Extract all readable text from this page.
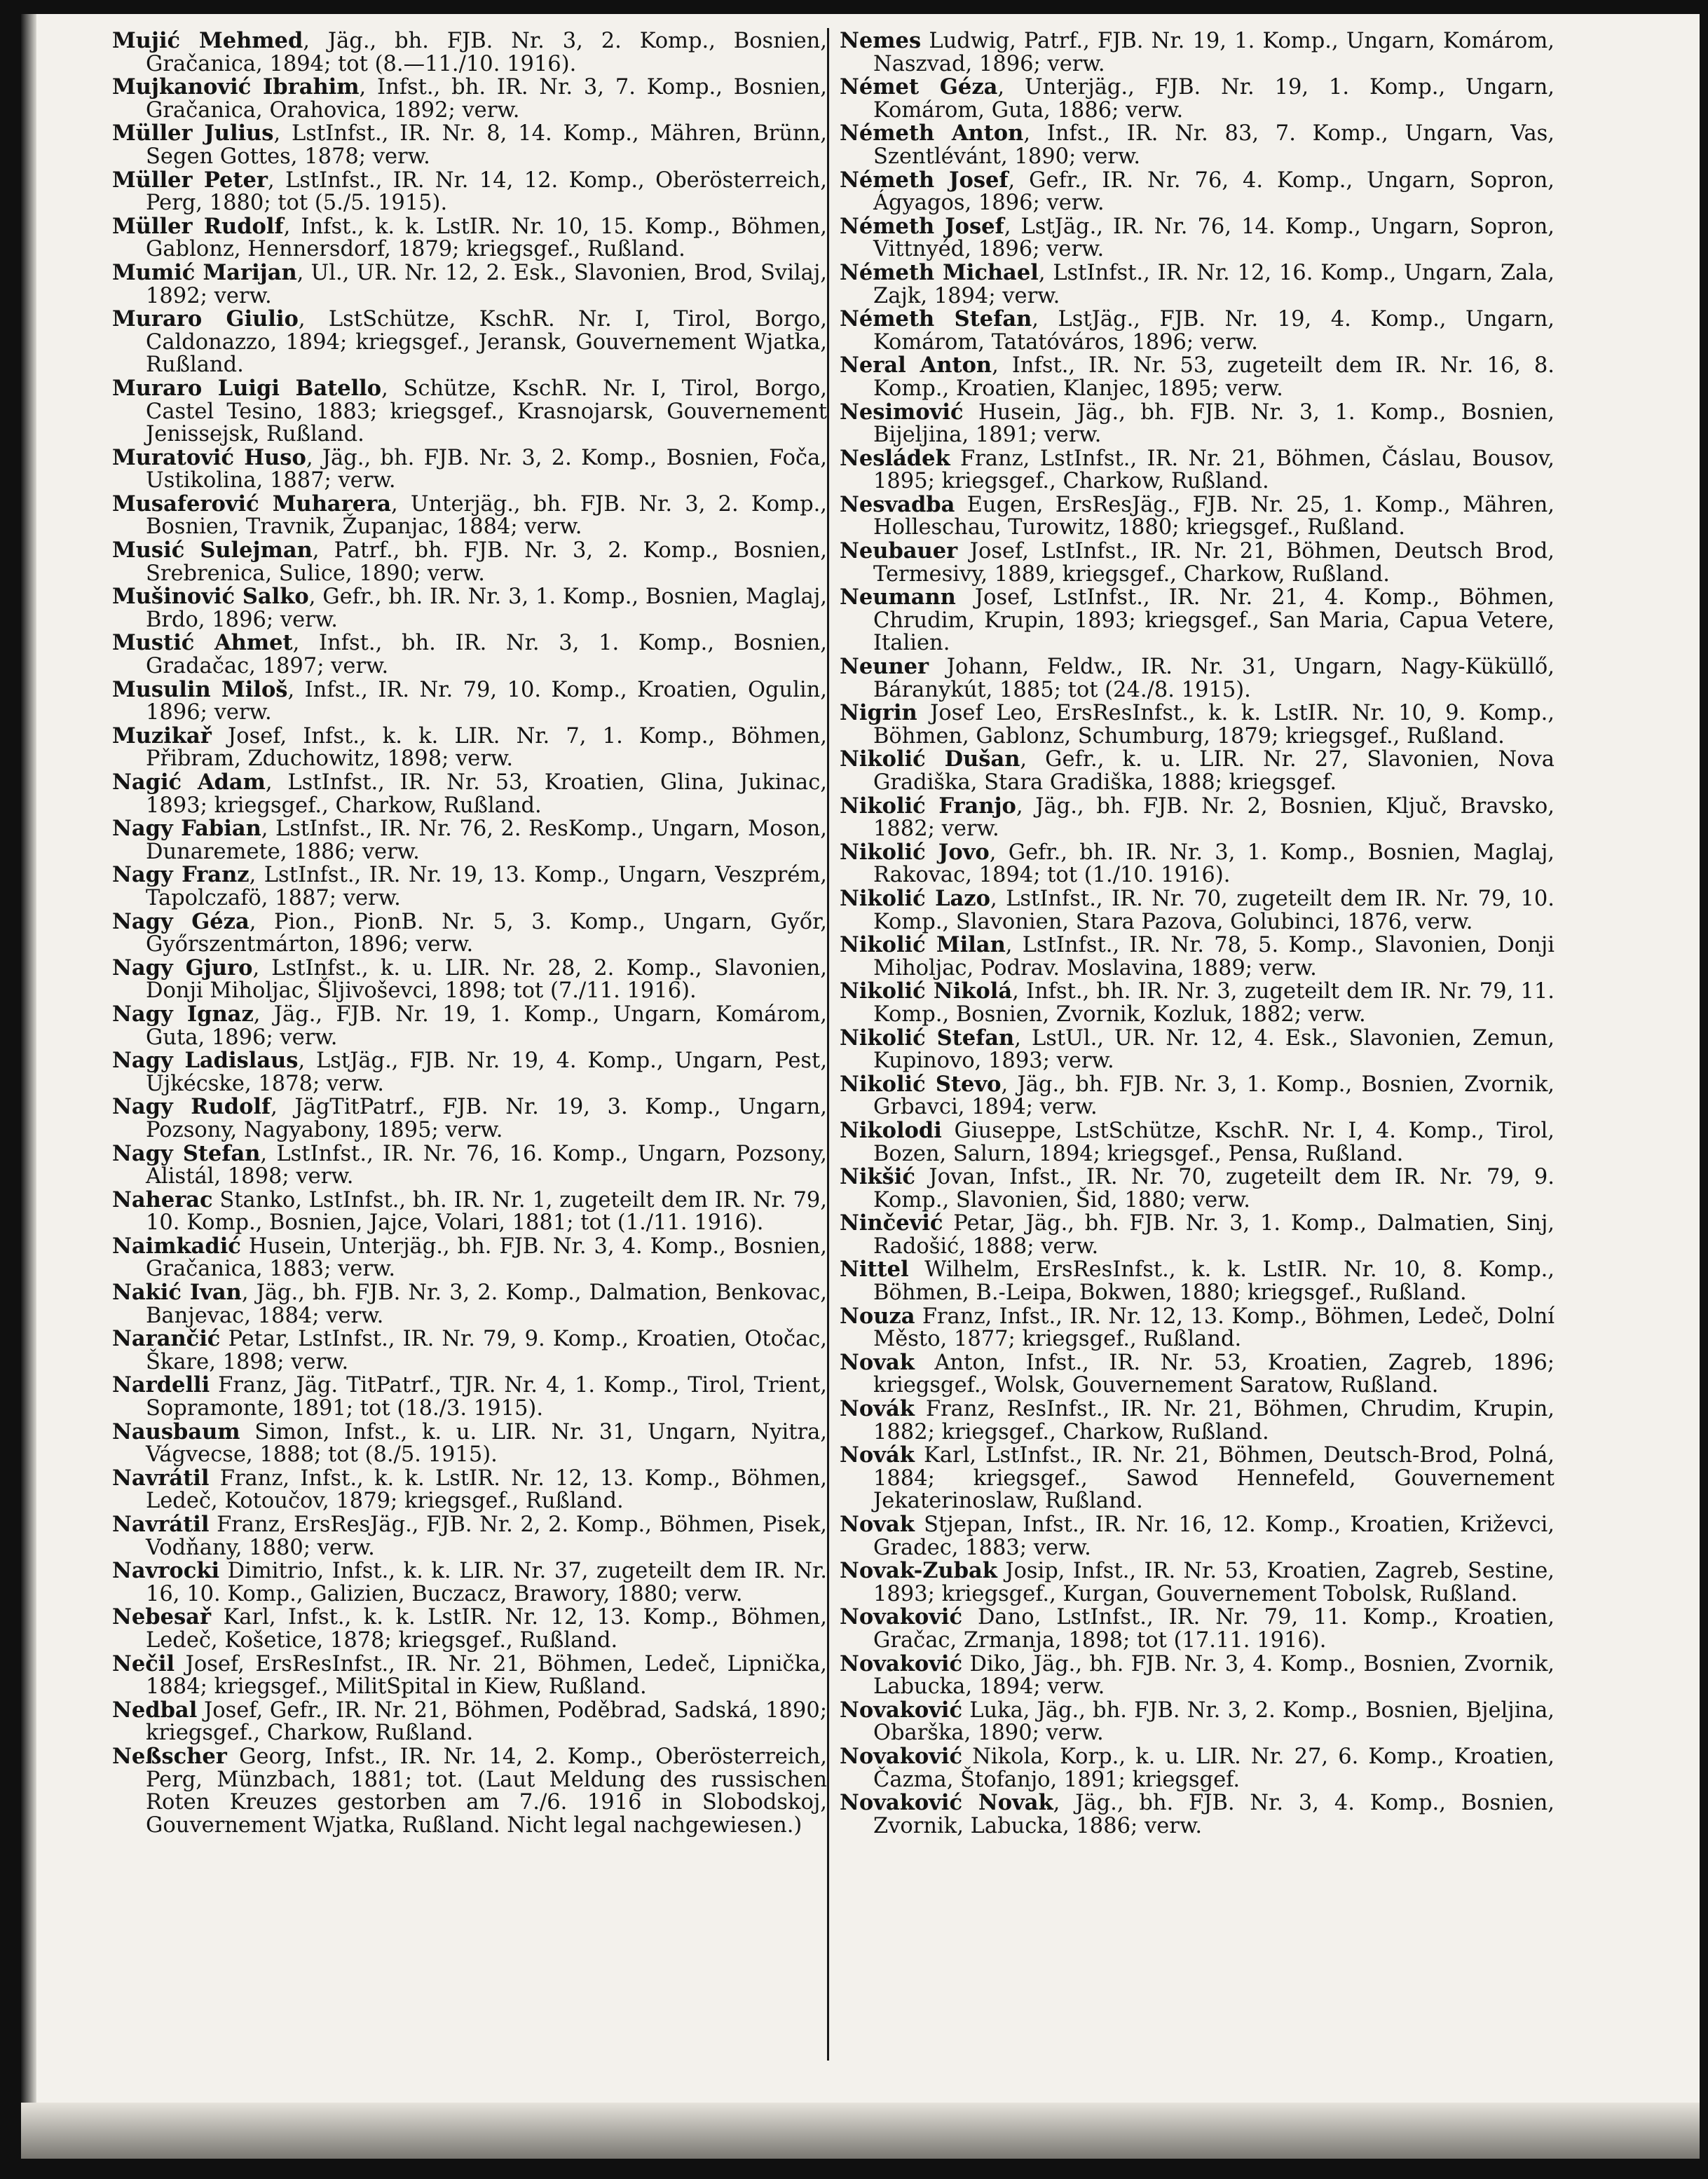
Mujić Mehmed, Jäg., bh. FJB. Nr. 3, 2. Komp., Bosnien, Gračanica, 1894; tot (8.—11./10. 1916).
Mujkanović Ibrahim, Infst., bh. IR. Nr. 3, 7. Komp., Bosnien, Gračanica, Orahovica, 1892; verw.
Müller Julius, LstInfst., IR. Nr. 8, 14. Komp., Mähren, Brünn, Segen Gottes, 1878; verw.
Müller Peter, LstInfst., IR. Nr. 14, 12. Komp., Oberösterreich, Perg, 1880; tot (5./5. 1915).
Müller Rudolf, Infst., k. k. LstIR. Nr. 10, 15. Komp., Böhmen, Gablonz, Hennersdorf, 1879; kriegsgef., Rußland.
Mumić Marijan, Ul., UR. Nr. 12, 2. Esk., Slavonien, Brod, Svilaj, 1892; verw.
Muraro Giulio, LstSchütze, KschR. Nr. I, Tirol, Borgo, Caldonazzo, 1894; kriegsgef., Jeransk, Gouvernement Wjatka, Rußland.
Muraro Luigi Batello, Schütze, KschR. Nr. I, Tirol, Borgo, Castel Tesino, 1883; kriegsgef., Krasnojarsk, Gouvernement Jenissejsk, Rußland.
Muratović Huso, Jäg., bh. FJB. Nr. 3, 2. Komp., Bosnien, Foča, Ustikolina, 1887; verw.
Musaferović Muharera, Unterjäg., bh. FJB. Nr. 3, 2. Komp., Bosnien, Travnik, Županjac, 1884; verw.
Musić Sulejman, Patrf., bh. FJB. Nr. 3, 2. Komp., Bosnien, Srebrenica, Sulice, 1890; verw.
Mušinović Salko, Gefr., bh. IR. Nr. 3, 1. Komp., Bosnien, Maglaj, Brdo, 1896; verw.
Mustić Ahmet, Infst., bh. IR. Nr. 3, 1. Komp., Bosnien, Gradačac, 1897; verw.
Musulin Miloš, Infst., IR. Nr. 79, 10. Komp., Kroatien, Ogulin, 1896; verw.
Muzikař Josef, Infst., k. k. LIR. Nr. 7, 1. Komp., Böhmen, Přibram, Zduchowitz, 1898; verw.
Nagić Adam, LstInfst., IR. Nr. 53, Kroatien, Glina, Jukinac, 1893; kriegsgef., Charkow, Rußland.
Nagy Fabian, LstInfst., IR. Nr. 76, 2. ResKomp., Ungarn, Moson, Dunaremete, 1886; verw.
Nagy Franz, LstInfst., IR. Nr. 19, 13. Komp., Ungarn, Veszprém, Tapolczafö, 1887; verw.
Nagy Géza, Pion., PionB. Nr. 5, 3. Komp., Ungarn, Győr, Győrszentmárton, 1896; verw.
Nagy Gjuro, LstInfst., k. u. LIR. Nr. 28, 2. Komp., Slavonien, Donji Miholjac, Šljivoševci, 1898; tot (7./11. 1916).
Nagy Ignaz, Jäg., FJB. Nr. 19, 1. Komp., Ungarn, Komárom, Guta, 1896; verw.
Nagy Ladislaus, LstJäg., FJB. Nr. 19, 4. Komp., Ungarn, Pest, Újkécske, 1878; verw.
Nagy Rudolf, JägTitPatrf., FJB. Nr. 19, 3. Komp., Ungarn, Pozsony, Nagyabony, 1895; verw.
Nagy Stefan, LstInfst., IR. Nr. 76, 16. Komp., Ungarn, Pozsony, Alistál, 1898; verw.
Naherac Stanko, LstInfst., bh. IR. Nr. 1, zugeteilt dem IR. Nr. 79, 10. Komp., Bosnien, Jajce, Volari, 1881; tot (1./11. 1916).
Naimkadić Husein, Unterjäg., bh. FJB. Nr. 3, 4. Komp., Bosnien, Gračanica, 1883; verw.
Nakić Ivan, Jäg., bh. FJB. Nr. 3, 2. Komp., Dalmation, Benkovac, Banjevac, 1884; verw.
Narančić Petar, LstInfst., IR. Nr. 79, 9. Komp., Kroatien, Otočac, Škare, 1898; verw.
Nardelli Franz, Jäg. TitPatrf., TJR. Nr. 4, 1. Komp., Tirol, Trient, Sopramonte, 1891; tot (18./3. 1915).
Nausbaum Simon, Infst., k. u. LIR. Nr. 31, Ungarn, Nyitra, Vágvecse, 1888; tot (8./5. 1915).
Navrátil Franz, Infst., k. k. LstIR. Nr. 12, 13. Komp., Böhmen, Ledeč, Kotoučov, 1879; kriegsgef., Rußland.
Navrátil Franz, ErsResJäg., FJB. Nr. 2, 2. Komp., Böhmen, Pisek, Vodňany, 1880; verw.
Navrocki Dimitrio, Infst., k. k. LIR. Nr. 37, zugeteilt dem IR. Nr. 16, 10. Komp., Galizien, Buczacz, Brawory, 1880; verw.
Nebesař Karl, Infst., k. k. LstIR. Nr. 12, 13. Komp., Böhmen, Ledeč, Košetice, 1878; kriegsgef., Rußland.
Nečil Josef, ErsResInfst., IR. Nr. 21, Böhmen, Ledeč, Lipnička, 1884; kriegsgef., MilitSpital in Kiew, Rußland.
Nedbal Josef, Gefr., IR. Nr. 21, Böhmen, Poděbrad, Sadská, 1890; kriegsgef., Charkow, Rußland.
Neßscher Georg, Infst., IR. Nr. 14, 2. Komp., Oberösterreich, Perg, Münzbach, 1881; tot. (Laut Meldung des russischen Roten Kreuzes gestorben am 7./6. 1916 in Slobodskoj, Gouvernement Wjatka, Rußland. Nicht legal nachgewiesen.)
Nemes Ludwig, Patrf., FJB. Nr. 19, 1. Komp., Ungarn, Komárom, Naszvad, 1896; verw.
Német Géza, Unterjäg., FJB. Nr. 19, 1. Komp., Ungarn, Komárom, Guta, 1886; verw.
Németh Anton, Infst., IR. Nr. 83, 7. Komp., Ungarn, Vas, Szentlévánt, 1890; verw.
Németh Josef, Gefr., IR. Nr. 76, 4. Komp., Ungarn, Sopron, Ágyagos, 1896; verw.
Németh Josef, LstJäg., IR. Nr. 76, 14. Komp., Ungarn, Sopron, Vittnyéd, 1896; verw.
Németh Michael, LstInfst., IR. Nr. 12, 16. Komp., Ungarn, Zala, Zajk, 1894; verw.
Németh Stefan, LstJäg., FJB. Nr. 19, 4. Komp., Ungarn, Komárom, Tatatóváros, 1896; verw.
Neral Anton, Infst., IR. Nr. 53, zugeteilt dem IR. Nr. 16, 8. Komp., Kroatien, Klanjec, 1895; verw.
Nesimović Husein, Jäg., bh. FJB. Nr. 3, 1. Komp., Bosnien, Bijeljina, 1891; verw.
Nesládek Franz, LstInfst., IR. Nr. 21, Böhmen, Čáslau, Bousov, 1895; kriegsgef., Charkow, Rußland.
Nesvadba Eugen, ErsResJäg., FJB. Nr. 25, 1. Komp., Mähren, Holleschau, Turowitz, 1880; kriegsgef., Rußland.
Neubauer Josef, LstInfst., IR. Nr. 21, Böhmen, Deutsch Brod, Termesivy, 1889, kriegsgef., Charkow, Rußland.
Neumann Josef, LstInfst., IR. Nr. 21, 4. Komp., Böhmen, Chrudim, Krupin, 1893; kriegsgef., San Maria, Capua Vetere, Italien.
Neuner Johann, Feldw., IR. Nr. 31, Ungarn, Nagy-Küküllő, Báranykút, 1885; tot (24./8. 1915).
Nigrin Josef Leo, ErsResInfst., k. k. LstIR. Nr. 10, 9. Komp., Böhmen, Gablonz, Schumburg, 1879; kriegsgef., Rußland.
Nikolić Dušan, Gefr., k. u. LIR. Nr. 27, Slavonien, Nova Gradiška, Stara Gradiška, 1888; kriegsgef.
Nikolić Franjo, Jäg., bh. FJB. Nr. 2, Bosnien, Ključ, Bravsko, 1882; verw.
Nikolić Jovo, Gefr., bh. IR. Nr. 3, 1. Komp., Bosnien, Maglaj, Rakovac, 1894; tot (1./10. 1916).
Nikolić Lazo, LstInfst., IR. Nr. 70, zugeteilt dem IR. Nr. 79, 10. Komp., Slavonien, Stara Pazova, Golubinci, 1876, verw.
Nikolić Milan, LstInfst., IR. Nr. 78, 5. Komp., Slavonien, Donji Miholjac, Podrav. Moslavina, 1889; verw.
Nikolić Nikolá, Infst., bh. IR. Nr. 3, zugeteilt dem IR. Nr. 79, 11. Komp., Bosnien, Zvornik, Kozluk, 1882; verw.
Nikolić Stefan, LstUl., UR. Nr. 12, 4. Esk., Slavonien, Zemun, Kupinovo, 1893; verw.
Nikolić Stevo, Jäg., bh. FJB. Nr. 3, 1. Komp., Bosnien, Zvornik, Grbavci, 1894; verw.
Nikolodi Giuseppe, LstSchütze, KschR. Nr. I, 4. Komp., Tirol, Bozen, Salurn, 1894; kriegsgef., Pensa, Rußland.
Nikšić Jovan, Infst., IR. Nr. 70, zugeteilt dem IR. Nr. 79, 9. Komp., Slavonien, Šid, 1880; verw.
Ninčević Petar, Jäg., bh. FJB. Nr. 3, 1. Komp., Dalmatien, Sinj, Radošić, 1888; verw.
Nittel Wilhelm, ErsResInfst., k. k. LstIR. Nr. 10, 8. Komp., Böhmen, B.-Leipa, Bokwen, 1880; kriegsgef., Rußland.
Nouza Franz, Infst., IR. Nr. 12, 13. Komp., Böhmen, Ledeč, Dolní Město, 1877; kriegsgef., Rußland.
Novak Anton, Infst., IR. Nr. 53, Kroatien, Zagreb, 1896; kriegsgef., Wolsk, Gouvernement Saratow, Rußland.
Novák Franz, ResInfst., IR. Nr. 21, Böhmen, Chrudim, Krupin, 1882; kriegsgef., Charkow, Rußland.
Novák Karl, LstInfst., IR. Nr. 21, Böhmen, Deutsch-Brod, Polná, 1884; kriegsgef., Sawod Hennefeld, Gouvernement Jekaterinoslaw, Rußland.
Novak Stjepan, Infst., IR. Nr. 16, 12. Komp., Kroatien, Križevci, Gradec, 1883; verw.
Novak-Zubak Josip, Infst., IR. Nr. 53, Kroatien, Zagreb, Sestine, 1893; kriegsgef., Kurgan, Gouvernement Tobolsk, Rußland.
Novaković Dano, LstInfst., IR. Nr. 79, 11. Komp., Kroatien, Gračac, Zrmanja, 1898; tot (17.11. 1916).
Novaković Diko, Jäg., bh. FJB. Nr. 3, 4. Komp., Bosnien, Zvornik, Labucka, 1894; verw.
Novaković Luka, Jäg., bh. FJB. Nr. 3, 2. Komp., Bosnien, Bjeljina, Obarška, 1890; verw.
Novaković Nikola, Korp., k. u. LIR. Nr. 27, 6. Komp., Kroatien, Čazma, Štofanjo, 1891; kriegsgef.
Novaković Novak, Jäg., bh. FJB. Nr. 3, 4. Komp., Bosnien, Zvornik, Labucka, 1886; verw.
